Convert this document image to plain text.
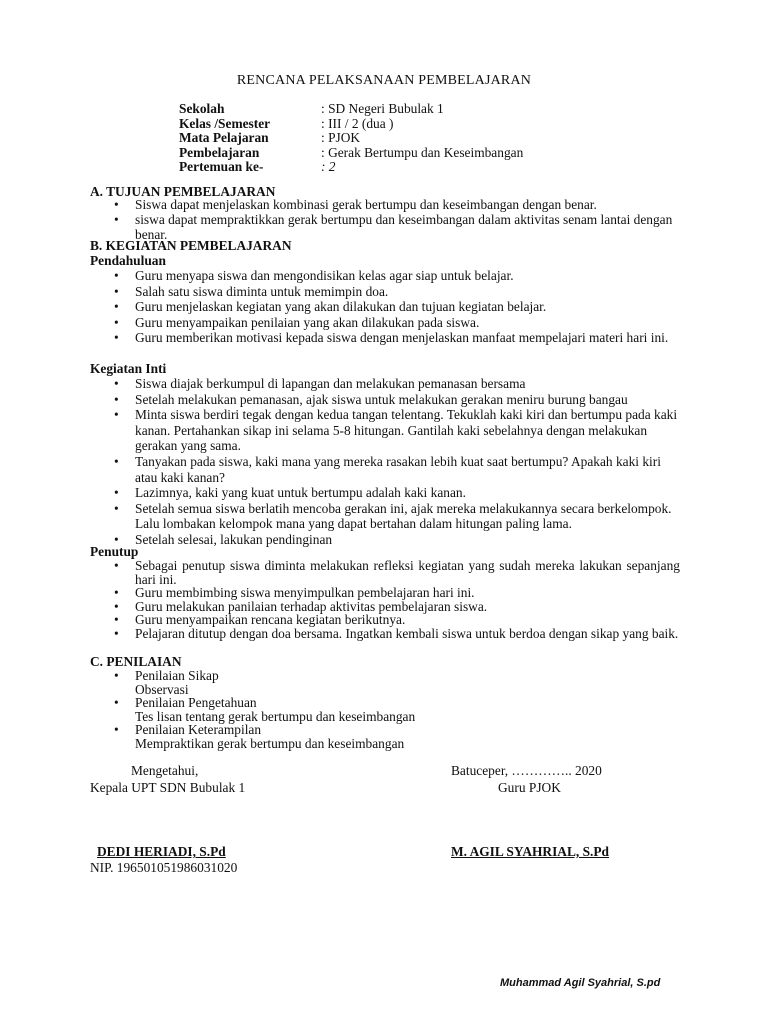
RENCANA PELAKSANAAN PEMBELAJARAN
Sekolah	: SD Negeri Bubulak 1
Kelas /Semester	: III / 2 (dua )
Mata Pelajaran	: PJOK
Pembelajaran	: Gerak Bertumpu dan Keseimbangan
Pertemuan ke-	: 2
A. TUJUAN PEMBELAJARAN
• Siswa dapat menjelaskan kombinasi gerak bertumpu dan keseimbangan dengan benar.
• siswa dapat mempraktikkan gerak bertumpu dan keseimbangan dalam aktivitas senam lantai dengan benar.
B. KEGIATAN PEMBELAJARAN
Pendahuluan
• Guru menyapa siswa dan mengondisikan kelas agar siap untuk belajar.
• Salah satu siswa diminta untuk memimpin doa.
• Guru menjelaskan kegiatan yang akan dilakukan dan tujuan kegiatan belajar.
• Guru menyampaikan penilaian yang akan dilakukan pada siswa.
• Guru memberikan motivasi kepada siswa dengan menjelaskan manfaat mempelajari materi hari ini.
Kegiatan Inti
• Siswa diajak berkumpul di lapangan dan melakukan pemanasan bersama
• Setelah melakukan pemanasan, ajak siswa untuk melakukan gerakan meniru burung bangau
• Minta siswa berdiri tegak dengan kedua tangan telentang. Tekuklah kaki kiri dan bertumpu pada kaki kanan. Pertahankan sikap ini selama 5-8 hitungan. Gantilah kaki sebelahnya dengan melakukan gerakan yang sama.
• Tanyakan pada siswa, kaki mana yang mereka rasakan lebih kuat saat bertumpu? Apakah kaki kiri atau kaki kanan?
• Lazimnya, kaki yang kuat untuk bertumpu adalah kaki kanan.
• Setelah semua siswa berlatih mencoba gerakan ini, ajak mereka melakukannya secara berkelompok. Lalu lombakan kelompok mana yang dapat bertahan dalam hitungan paling lama.
• Setelah selesai, lakukan pendinginan
Penutup
• Sebagai penutup siswa diminta melakukan refleksi kegiatan yang sudah mereka lakukan sepanjang hari ini.
• Guru membimbing siswa menyimpulkan pembelajaran hari ini.
• Guru melakukan panilaian terhadap aktivitas pembelajaran siswa.
• Guru menyampaikan rencana kegiatan berikutnya.
• Pelajaran ditutup dengan doa bersama. Ingatkan kembali siswa untuk berdoa dengan sikap yang baik.
C. PENILAIAN
• Penilaian Sikap
Observasi
• Penilaian Pengetahuan
Tes lisan tentang gerak bertumpu dan keseimbangan
• Penilaian Keterampilan
Mempraktikan gerak bertumpu dan keseimbangan
Mengetahui,
Kepala UPT SDN Bubulak 1
DEDI HERIADI, S.Pd
NIP. 196501051986031020
Batuceper, ………….. 2020
Guru PJOK
M. AGIL SYAHRIAL, S.Pd
Muhammad Agil Syahrial, S.pd
